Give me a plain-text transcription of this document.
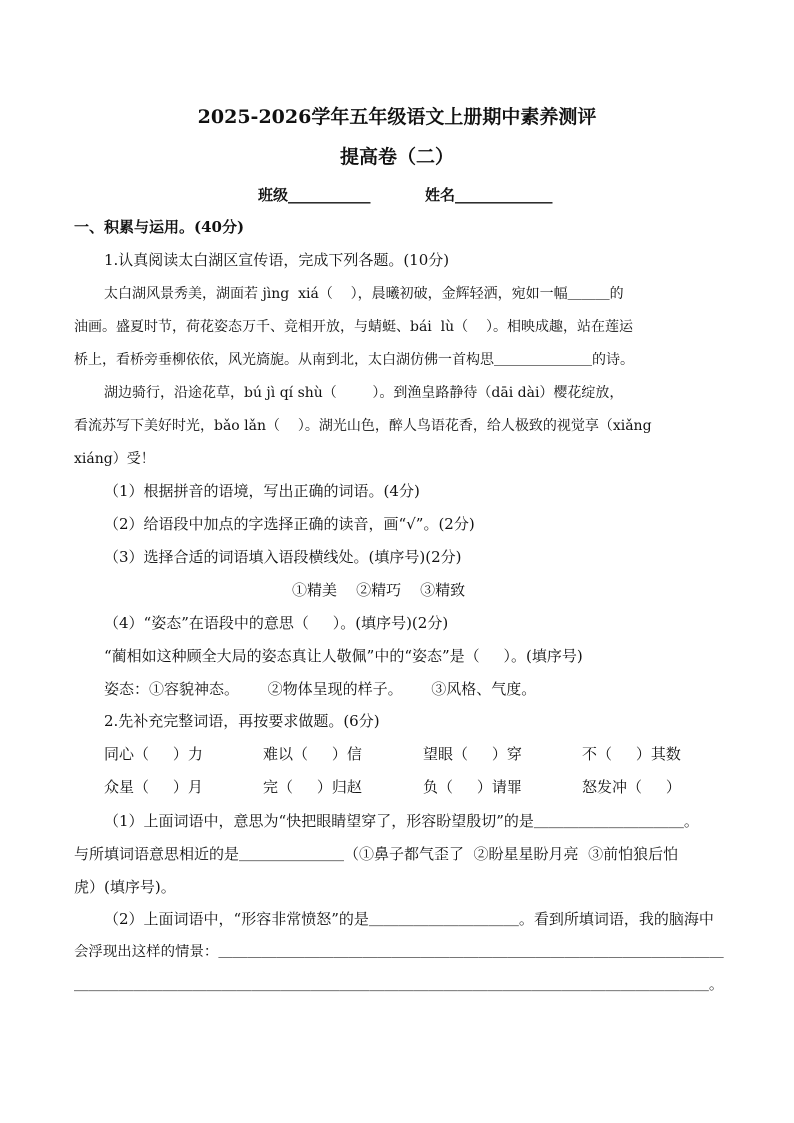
2025-2026学年五年级语文上册期中素养测评
提高卷（二）
班级___________	姓名_____________
一、积累与运用。(40分)
1.认真阅读太白湖区宣传语，完成下列各题。(10分)
太白湖风景秀美，湖面若 jìng  xiá（    ），晨曦初破，金辉轻洒，宛如一幅＿＿＿的
油画。盛夏时节，荷花姿态万千、竞相开放，与蜻蜓、bái  lù（    ）。相映成趣，站在莲运
桥上，看桥旁垂柳依依，风光旖旎。从南到北，太白湖仿佛一首构思＿＿＿＿＿＿＿的诗。
湖边骑行，沿途花草，bú jì qí shù（        ）。到渔皇路静待（dāi dài）樱花绽放，
看流苏写下美好时光，bǎo lǎn（    ）。湖光山色，醉人鸟语花香，给人极致的视觉享（xiǎng
xiáng）受！
（1）根据拼音的语境，写出正确的词语。(4分)
（2）给语段中加点的字选择正确的读音，画“√”。(2分)
（3）选择合适的词语填入语段横线处。(填序号)(2分)
①精美    ②精巧    ③精致
（4）“姿态”在语段中的意思（     ）。(填序号)(2分)
“蔺相如这种顾全大局的姿态真让人敬佩”中的“姿态”是（     ）。(填序号)
姿态：①容貌神态。      ②物体呈现的样子。      ③风格、气度。
2.先补充完整词语，再按要求做题。(6分)
同心（     ）力	难以（     ）信	望眼（     ）穿	不（     ）其数
众星（     ）月	完（     ）归赵	负（     ）请罪	怒发冲（     ）
（1）上面词语中，意思为“快把眼睛望穿了，形容盼望殷切”的是＿＿＿＿＿＿＿＿＿＿。
与所填词语意思相近的是＿＿＿＿＿＿＿（①鼻子都气歪了  ②盼星星盼月亮  ③前怕狼后怕
虎）(填序号)。
（2）上面词语中，“形容非常愤怒”的是＿＿＿＿＿＿＿＿＿＿。看到所填词语，我的脑海中
会浮现出这样的情景：＿＿＿＿＿＿＿＿＿＿＿＿＿＿＿＿＿＿＿＿＿＿＿＿＿＿＿＿＿＿＿＿＿＿＿
＿＿＿＿＿＿＿＿＿＿＿＿＿＿＿＿＿＿＿＿＿＿＿＿＿＿＿＿＿＿＿＿＿＿＿＿＿＿＿＿＿＿＿。
